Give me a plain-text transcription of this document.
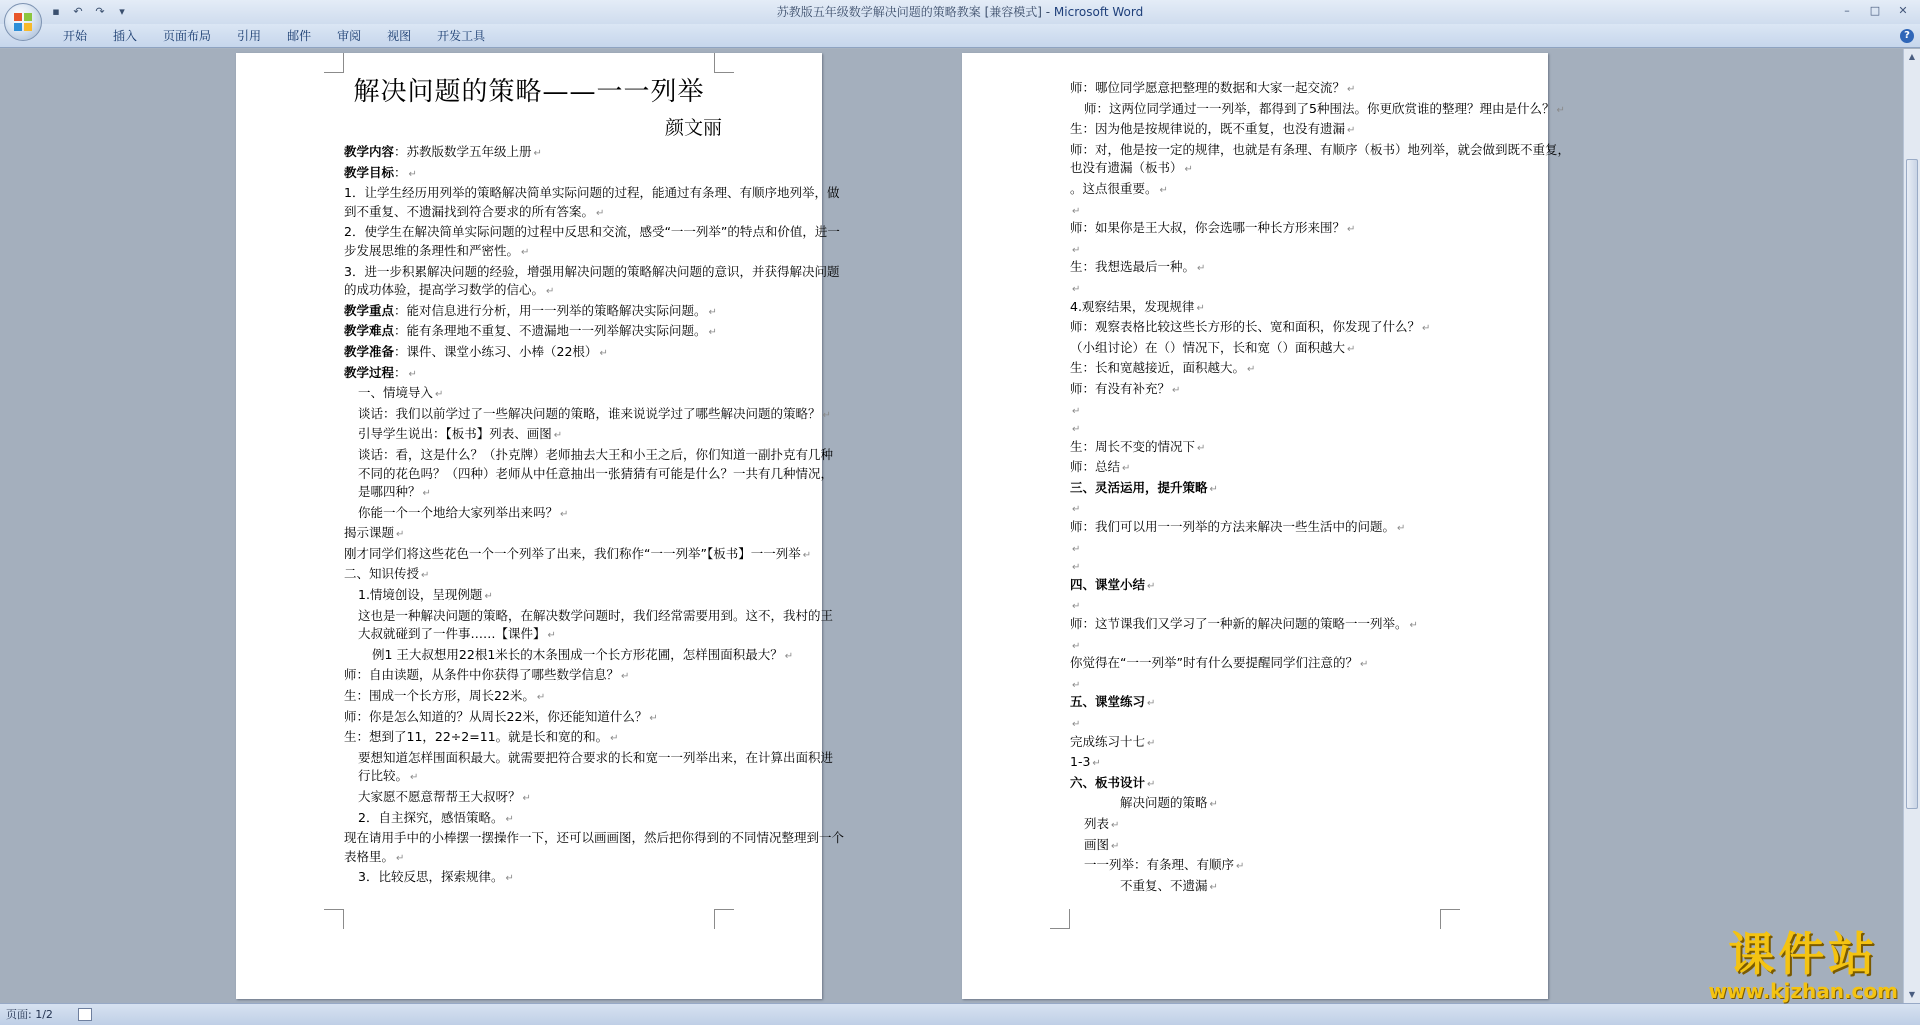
苏教版五年级数学解决问题的策略教案 [兼容模式] - Microsoft Word
▪	↶	↷	▾	–	□	✕
开始	插入	页面布局	引用	邮件	审阅	视图	开发工具	?
解决问题的策略——一一列举
颜文丽
教学内容：苏教版数学五年级上册 ↵
教学目标： ↵
1．让学生经历用列举的策略解决简单实际问题的过程，能通过有条理、有顺序地列举，做到不重复、不遗漏找到符合要求的所有答案。 ↵
2．使学生在解决简单实际问题的过程中反思和交流，感受“一一列举”的特点和价值，进一步发展思维的条理性和严密性。 ↵
3．进一步积累解决问题的经验，增强用解决问题的策略解决问题的意识，并获得解决问题的成功体验，提高学习数学的信心。 ↵
教学重点：能对信息进行分析，用一一列举的策略解决实际问题。 ↵
教学难点：能有条理地不重复、不遗漏地一一列举解决实际问题。 ↵
教学准备：课件、课堂小练习、小棒（22根） ↵
教学过程： ↵
一、情境导入 ↵
谈话：我们以前学过了一些解决问题的策略，谁来说说学过了哪些解决问题的策略？ ↵
引导学生说出：【板书】列表、画图 ↵
谈话：看，这是什么？（扑克牌）老师抽去大王和小王之后，你们知道一副扑克有几种不同的花色吗？（四种）老师从中任意抽出一张猜猜有可能是什么？一共有几种情况，是哪四种？ ↵
你能一个一个地给大家列举出来吗？ ↵
揭示课题 ↵
刚才同学们将这些花色一个一个列举了出来，我们称作“一一列举”【板书】一一列举 ↵
二、知识传授 ↵
1.情境创设，呈现例题 ↵
这也是一种解决问题的策略，在解决数学问题时，我们经常需要用到。这不，我村的王大叔就碰到了一件事……【课件】 ↵
例1 王大叔想用22根1米长的木条围成一个长方形花圃，怎样围面积最大？ ↵
师：自由读题，从条件中你获得了哪些数学信息？ ↵
生：围成一个长方形，周长22米。 ↵
师：你是怎么知道的？从周长22米，你还能知道什么？ ↵
生：想到了11，22÷2=11。就是长和宽的和。 ↵
要想知道怎样围面积最大。就需要把符合要求的长和宽一一列举出来，在计算出面积进行比较。 ↵
大家愿不愿意帮帮王大叔呀？ ↵
2．自主探究，感悟策略。 ↵
现在请用手中的小棒摆一摆操作一下，还可以画画图，然后把你得到的不同情况整理到一个表格里。 ↵
3．比较反思，探索规律。 ↵
师：哪位同学愿意把整理的数据和大家一起交流？ ↵
师：这两位同学通过一一列举，都得到了5种围法。你更欣赏谁的整理？理由是什么？ ↵
生：因为他是按规律说的，既不重复，也没有遗漏 ↵
师：对，他是按一定的规律，也就是有条理、有顺序（板书）地列举，就会做到既不重复，也没有遗漏（板书） ↵
。这点很重要。 ↵
↵
师：如果你是王大叔，你会选哪一种长方形来围？ ↵
↵
生：我想选最后一种。 ↵
↵
4.观察结果，发现规律 ↵
师：观察表格比较这些长方形的长、宽和面积，你发现了什么？ ↵
（小组讨论）在（）情况下，长和宽（）面积越大 ↵
生：长和宽越接近，面积越大。 ↵
师：有没有补充？ ↵
↵
↵
生：周长不变的情况下 ↵
师：总结 ↵
三、灵活运用，提升策略 ↵
↵
师：我们可以用一一列举的方法来解决一些生活中的问题。 ↵
↵
↵
四、课堂小结 ↵
↵
师：这节课我们又学习了一种新的解决问题的策略一一列举。 ↵
↵
你觉得在“一一列举”时有什么要提醒同学们注意的？ ↵
↵
五、课堂练习 ↵
↵
完成练习十七 ↵
1-3 ↵
六、板书设计 ↵
解决问题的策略 ↵
列表 ↵
画图 ↵
一一列举：有条理、有顺序 ↵
不重复、不遗漏 ↵
▲
▼
页面: 1/2
课件站
www.kjzhan.com
